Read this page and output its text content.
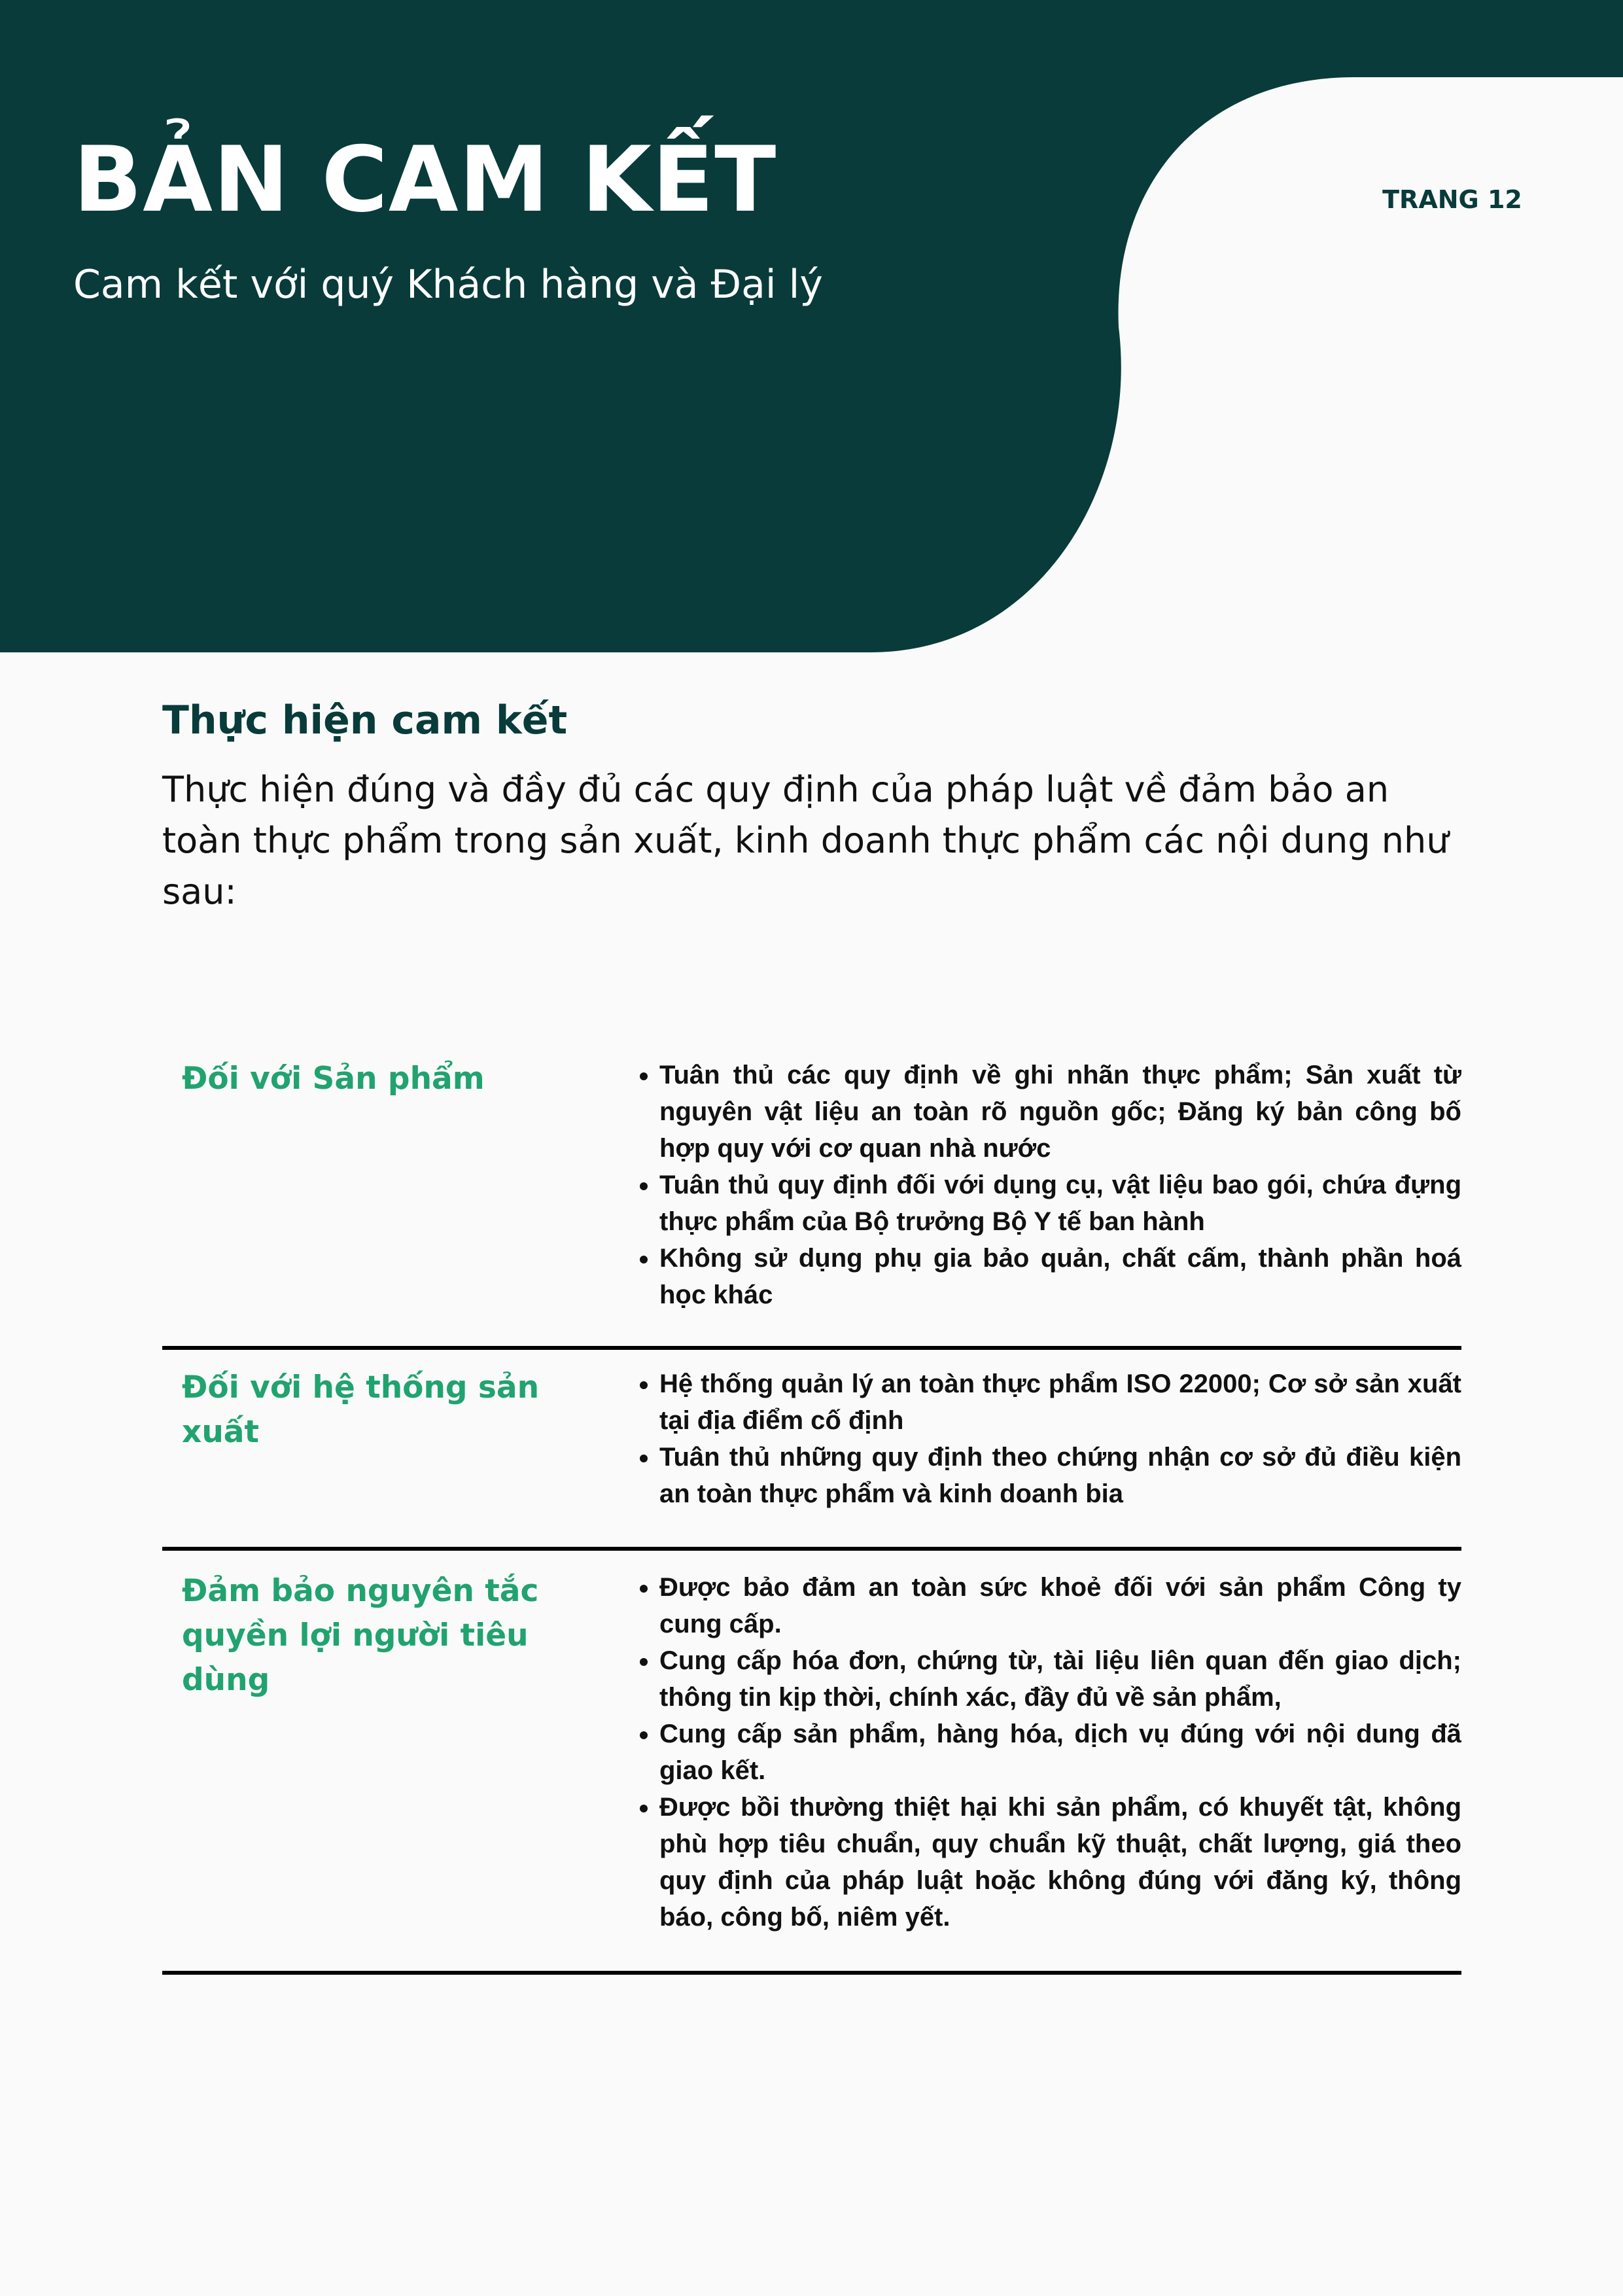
BẢN CAM KẾT
Cam kết với quý Khách hàng và Đại lý
TRANG 12
Thực hiện cam kết

Thực hiện đúng và đầy đủ các quy định của pháp luật về đảm bảo an toàn thực phẩm trong sản xuất, kinh doanh thực phẩm các nội dung như sau:

Đối với Sản phẩm
•	Tuân thủ các quy định về ghi nhãn thực phẩm; Sản xuất từ nguyên vật liệu an toàn rõ nguồn gốc; Đăng ký bản công bố hợp quy với cơ quan nhà nước
• Tuân thủ quy định đối với dụng cụ, vật liệu bao gói, chứa đựng thực phẩm của Bộ trưởng Bộ Y tế ban hành
• Không sử dụng phụ gia bảo quản, chất cấm, thành phần hoá học khác
Đối với hệ thống sản xuất
• Hệ thống quản lý an toàn thực phẩm ISO 22000; Cơ sở sản xuất tại địa điểm cố định
• Tuân thủ những quy định theo chứng nhận cơ sở đủ điều kiện an toàn thực phẩm và kinh doanh bia
Đảm bảo nguyên tắc quyền lợi người tiêu dùng
• Được bảo đảm an toàn sức khoẻ đối với sản phẩm Công ty cung cấp.
• Cung cấp hóa đơn, chứng từ, tài liệu liên quan đến giao dịch; thông tin kịp thời, chính xác, đầy đủ về sản phẩm,
• Cung cấp sản phẩm, hàng hóa, dịch vụ đúng với nội dung đã giao kết.
• Được bồi thường thiệt hại khi sản phẩm, có khuyết tật, không phù hợp tiêu chuẩn, quy chuẩn kỹ thuật, chất lượng, giá theo quy định của pháp luật hoặc không đúng với đăng ký, thông báo, công bố, niêm yết.
